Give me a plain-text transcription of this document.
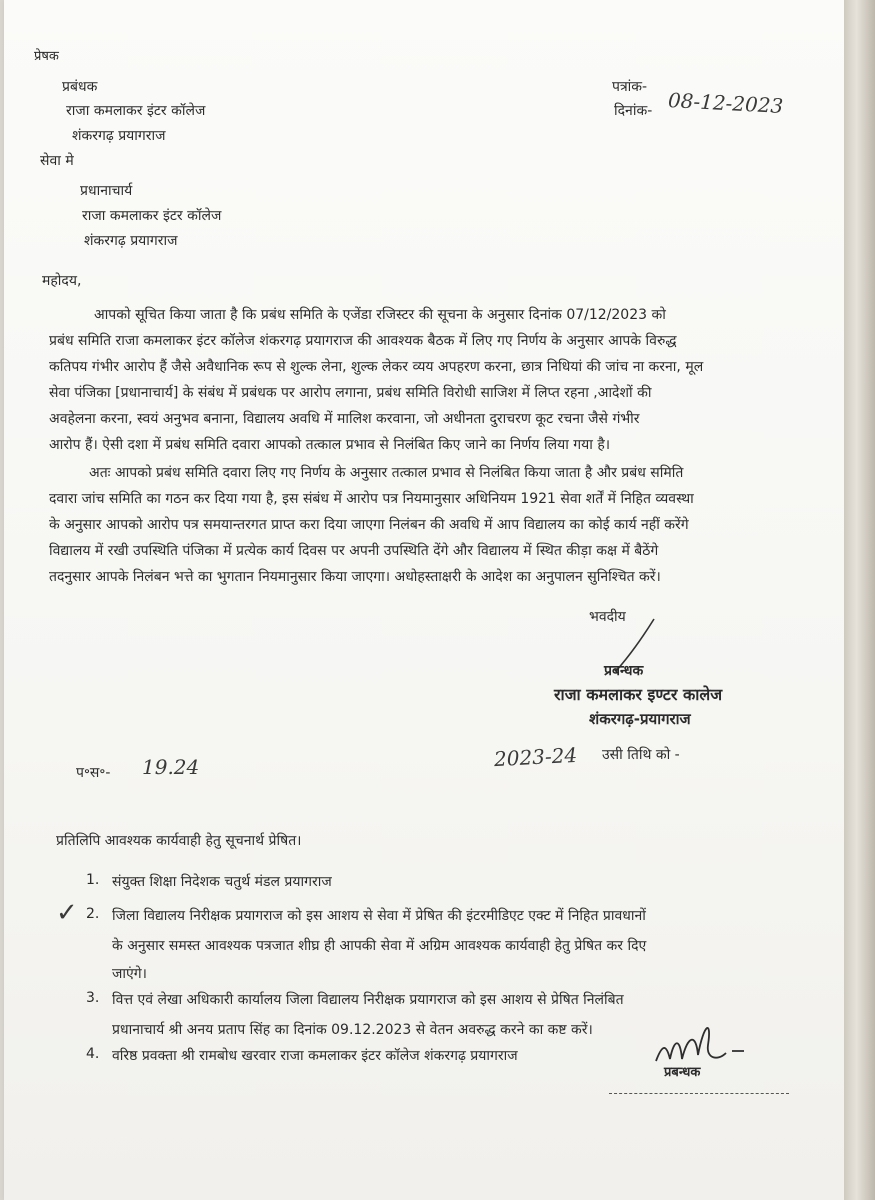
प्रेषक
प्रबंधक
राजा कमलाकर इंटर कॉलेज
शंकरगढ़ प्रयागराज
पत्रांक-
दिनांक- 08-12-2023
सेवा मे
प्रधानाचार्य
राजा कमलाकर इंटर कॉलेज
शंकरगढ़ प्रयागराज
महोदय,
आपको सूचित किया जाता है कि प्रबंध समिति के एजेंडा रजिस्टर की सूचना के अनुसार दिनांक 07/12/2023 को
प्रबंध समिति राजा कमलाकर इंटर कॉलेज शंकरगढ़ प्रयागराज की आवश्यक बैठक में लिए गए निर्णय के अनुसार आपके विरुद्ध
कतिपय गंभीर आरोप हैं जैसे अवैधानिक रूप से शुल्क लेना, शुल्क लेकर व्यय अपहरण करना, छात्र निधियां की जांच ना करना, मूल
सेवा पंजिका [प्रधानाचार्य] के संबंध में प्रबंधक पर आरोप लगाना, प्रबंध समिति विरोधी साजिश में लिप्त रहना ,आदेशों की
अवहेलना करना, स्वयं अनुभव बनाना, विद्यालय अवधि में मालिश करवाना, जो अधीनता दुराचरण कूट रचना जैसे गंभीर
आरोप हैं। ऐसी दशा में प्रबंध समिति दवारा आपको तत्काल प्रभाव से निलंबित किए जाने का निर्णय लिया गया है।
अतः आपको प्रबंध समिति दवारा लिए गए निर्णय के अनुसार तत्काल प्रभाव से निलंबित किया जाता है और प्रबंध समिति
दवारा जांच समिति का गठन कर दिया गया है, इस संबंध में आरोप पत्र नियमानुसार अधिनियम 1921 सेवा शर्तें में निहित व्यवस्था
के अनुसार आपको आरोप पत्र समयान्तरगत प्राप्त करा दिया जाएगा निलंबन की अवधि में आप विद्यालय का कोई कार्य नहीं करेंगे
विद्यालय में रखी उपस्थिति पंजिका में प्रत्येक कार्य दिवस पर अपनी उपस्थिति देंगे और विद्यालय में स्थित कीड़ा कक्ष में बैठेंगे
तदनुसार आपके निलंबन भत्ते का भुगतान नियमानुसार किया जाएगा। अधोहस्ताक्षरी के आदेश का अनुपालन सुनिश्चित करें।
भवदीय
प्रबन्धक
राजा कमलाकर इण्टर कालेज
शंकरगढ़-प्रयागराज
प॰स॰- 19.24	2023-24 उसी तिथि को -
प्रतिलिपि आवश्यक कार्यवाही हेतु सूचनार्थ प्रेषित।
1. संयुक्त शिक्षा निदेशक चतुर्थ मंडल प्रयागराज
✓ 2. जिला विद्यालय निरीक्षक प्रयागराज को इस आशय से सेवा में प्रेषित की इंटरमीडिएट एक्ट में निहित प्रावधानों
के अनुसार समस्त आवश्यक पत्रजात शीघ्र ही आपकी सेवा में अग्रिम आवश्यक कार्यवाही हेतु प्रेषित कर दिए
जाएंगे।
3. वित्त एवं लेखा अधिकारी कार्यालय जिला विद्यालय निरीक्षक प्रयागराज को इस आशय से प्रेषित निलंबित
प्रधानाचार्य श्री अनय प्रताप सिंह का दिनांक 09.12.2023 से वेतन अवरुद्ध करने का कष्ट करें।
4. वरिष्ठ प्रवक्ता श्री रामबोध खरवार राजा कमलाकर इंटर कॉलेज शंकरगढ़ प्रयागराज
प्रबन्धक
